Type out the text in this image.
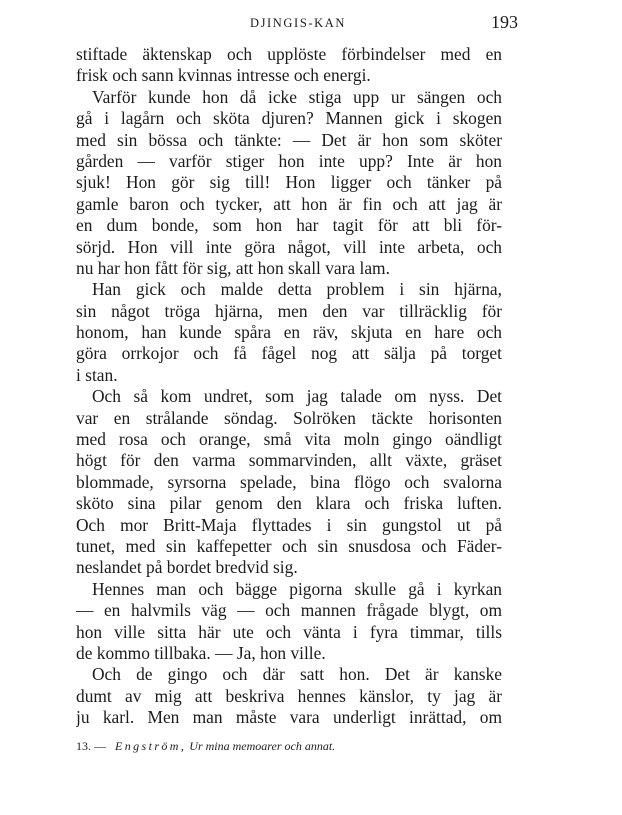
DJINGIS-KAN	193
stiftade äktenskap och upplöste förbindelser med en
frisk och sann kvinnas intresse och energi.
Varför kunde hon då icke stiga upp ur sängen och
gå i lagårn och sköta djuren? Mannen gick i skogen
med sin bössa och tänkte: — Det är hon som sköter
gården — varför stiger hon inte upp? Inte är hon
sjuk! Hon gör sig till! Hon ligger och tänker på
gamle baron och tycker, att hon är fin och att jag är
en dum bonde, som hon har tagit för att bli för-
sörjd. Hon vill inte göra något, vill inte arbeta, och
nu har hon fått för sig, att hon skall vara lam.
Han gick och malde detta problem i sin hjärna,
sin något tröga hjärna, men den var tillräcklig för
honom, han kunde spåra en räv, skjuta en hare och
göra orrkojor och få fågel nog att sälja på torget
i stan.
Och så kom undret, som jag talade om nyss. Det
var en strålande söndag. Solröken täckte horisonten
med rosa och orange, små vita moln gingo oändligt
högt för den varma sommarvinden, allt växte, gräset
blommade, syrsorna spelade, bina flögo och svalorna
sköto sina pilar genom den klara och friska luften.
Och mor Britt-Maja flyttades i sin gungstol ut på
tunet, med sin kaffepetter och sin snusdosa och Fäder-
neslandet på bordet bredvid sig.
Hennes man och bägge pigorna skulle gå i kyrkan
— en halvmils väg — och mannen frågade blygt, om
hon ville sitta här ute och vänta i fyra timmar, tills
de kommo tillbaka. — Ja, hon ville.
Och de gingo och där satt hon. Det är kanske
dumt av mig att beskriva hennes känslor, ty jag är
ju karl. Men man måste vara underligt inrättad, om
13. — Engström, Ur mina memoarer och annat.
